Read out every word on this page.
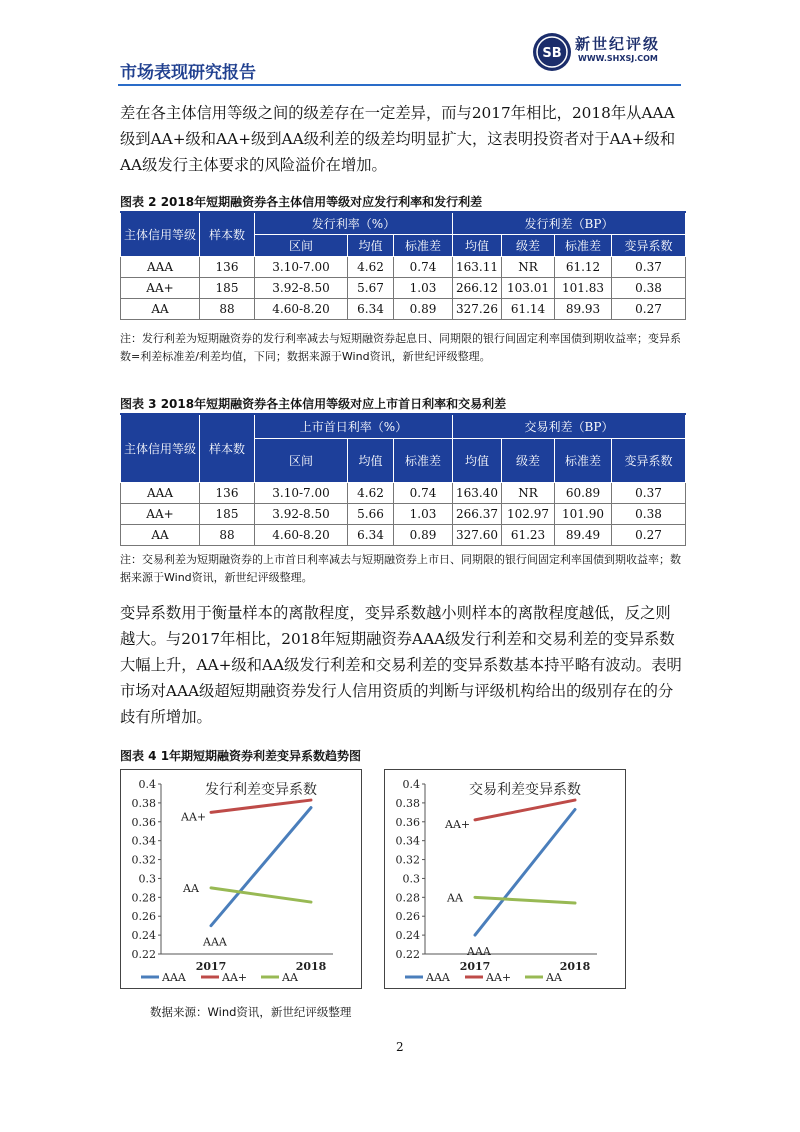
市场表现研究报告
SB
新世纪评级
WWW.SHXSJ.COM

差在各主体信用等级之间的级差存在一定差异，而与2017年相比，2018年从AAA级到AA+级和AA+级到AA级利差的级差均明显扩大，这表明投资者对于AA+级和AA级发行主体要求的风险溢价在增加。

图表 2 2018年短期融资券各主体信用等级对应发行利率和发行利差
主体信用等级	样本数	发行利率（%）			发行利差（BP）			
		区间	均值	标准差	均值	级差	标准差	变异系数
AAA	136	3.10-7.00	4.62	0.74	163.11	NR	61.12	0.37
AA+	185	3.92-8.50	5.67	1.03	266.12	103.01	101.83	0.38
AA	88	4.60-8.20	6.34	0.89	327.26	61.14	89.93	0.27

注：发行利差为短期融资券的发行利率减去与短期融资券起息日、同期限的银行间固定利率国债到期收益率；变异系数=利差标准差/利差均值，下同；数据来源于Wind资讯，新世纪评级整理。

图表 3 2018年短期融资券各主体信用等级对应上市首日利率和交易利差
主体信用等级	样本数	上市首日利率（%）			交易利差（BP）			
		区间	均值	标准差	均值	级差	标准差	变异系数
AAA	136	3.10-7.00	4.62	0.74	163.40	NR	60.89	0.37
AA+	185	3.92-8.50	5.66	1.03	266.37	102.97	101.90	0.38
AA	88	4.60-8.20	6.34	0.89	327.60	61.23	89.49	0.27

注：交易利差为短期融资券的上市首日利率减去与短期融资券上市日、同期限的银行间固定利率国债到期收益率；数据来源于Wind资讯，新世纪评级整理。

变异系数用于衡量样本的离散程度，变异系数越小则样本的离散程度越低，反之则越大。与2017年相比，2018年短期融资券AAA级发行利差和交易利差的变异系数大幅上升，AA+级和AA级发行利差和交易利差的变异系数基本持平略有波动。表明市场对AAA级超短期融资券发行人信用资质的判断与评级机构给出的级别存在的分歧有所增加。

图表 4 1年期短期融资券利差变异系数趋势图
0.4
0.38
0.36
0.34
0.32
0.3
0.28
0.26
0.24
0.22
2017	2018
发行利差变异系数
AA+
AA
AAA
AAA	AA+	AA
0.4
0.38
0.36
0.34
0.32
0.3
0.28
0.26
0.24
0.22
2017	2018
交易利差变异系数
AA+
AA
AAA
AAA	AA+	AA
数据来源：Wind资讯，新世纪评级整理
2
